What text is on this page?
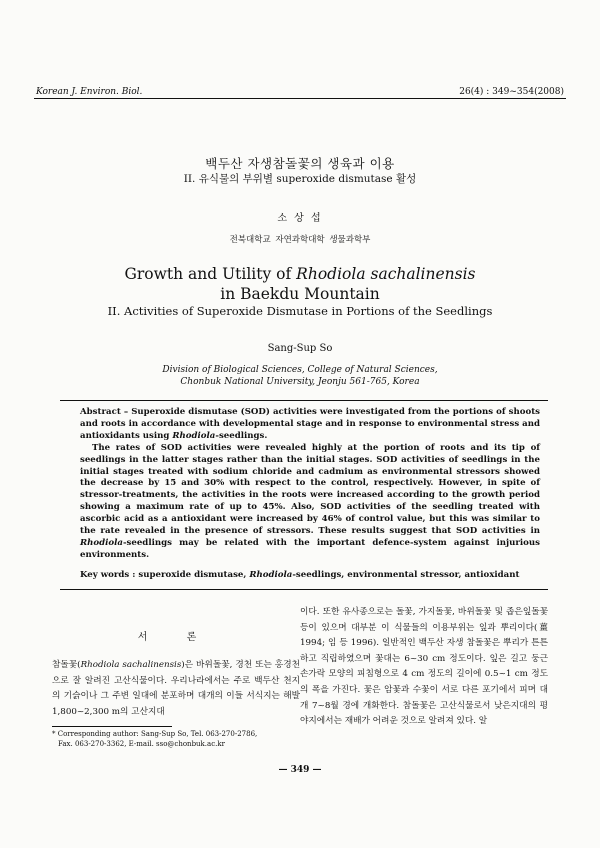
Korean J. Environ. Biol.	26(4) : 349~354(2008)
백두산 자생참돌꽃의 생육과 이용
II. 유식물의 부위별 superoxide dismutase 활성
소 상 섭
전북대학교 자연과학대학 생물과학부
Growth and Utility of Rhodiola sachalinensis
in Baekdu Mountain
II. Activities of Superoxide Dismutase in Portions of the Seedlings
Sang-Sup So
Division of Biological Sciences, College of Natural Sciences,
Chonbuk National University, Jeonju 561-765, Korea

Abstract – Superoxide dismutase (SOD) activities were investigated from the portions of shoots and roots in accordance with developmental stage and in response to environmental stress and antioxidants using Rhodiola-seedlings.

The rates of SOD activities were revealed highly at the portion of roots and its tip of seedlings in the latter stages rather than the initial stages. SOD activities of seedlings in the initial stages treated with sodium chloride and cadmium as environmental stressors showed the decrease by 15 and 30% with respect to the control, respectively. However, in spite of stressor-treatments, the activities in the roots were increased according to the growth period showing a maximum rate of up to 45%. Also, SOD activities of the seedling treated with ascorbic acid as a antioxidant were increased by 46% of control value, but this was similar to the rate revealed in the presence of stressors. These results suggest that SOD activities in Rhodiola-seedlings may be related with the important defence-system against injurious environments.

Key words : superoxide dismutase, Rhodiola-seedlings, environmental stressor, antioxidant
서 론

참돌꽃(Rhodiola sachalinensis)은 바위돌꽃, 경천 또는 홍경천으로 잘 알려진 고산식물이다. 우리나라에서는 주로 백두산 천지의 기슭이나 그 주변 일대에 분포하며 대개의 이들 서식지는 해발 1,800~2,300 m의 고산지대

이다. 또한 유사종으로는 돌꽃, 가지돌꽃, 바위돌꽃 및 좁은잎돌꽃 등이 있으며 대부분 이 식물들의 이용부위는 잎과 뿌리이다(薑 1994; 임 등 1996). 일반적인 백두산 자생 참돌꽃은 뿌리가 튼튼하고 직립하였으며 꽃대는 6~30 cm 정도이다. 잎은 길고 둥근 손가락 모양의 피침형으로 4 cm 정도의 길이에 0.5~1 cm 정도의 폭을 가진다. 꽃은 암꽃과 수꽃이 서로 다른 포기에서 피며 대개 7~8월 경에 개화한다. 참돌꽃은 고산식물로서 낮은지대의 평야지에서는 재배가 어려운 것으로 알려져 있다. 알

* Corresponding author: Sang-Sup So, Tel. 063-270-2786,
Fax. 063-270-3362, E-mail. sso@chonbuk.ac.kr
— 349 —
